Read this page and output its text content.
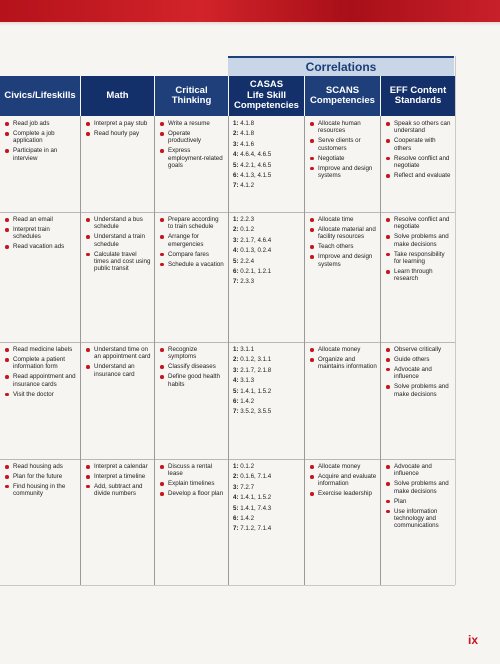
Correlations
Civics/Lifeskills	Math	Critical
Thinking
CASAS
Life Skill
Competencies
SCANS
Competencies
EFF Content
Standards
Read job ads
Complete a job application
Participate in an interview
Interpret a pay stub
Read hourly pay
Write a resume
Operate productively
Express employment-related goals
1: 4.1.8
2: 4.1.8
3: 4.1.6
4: 4.6.4, 4.6.5
5: 4.2.1, 4.6.5
6: 4.1.3, 4.1.5
7: 4.1.2
Allocate human resources
Serve clients or customers
Negotiate
Improve and design systems
Speak so others can understand
Cooperate with others
Resolve conflict and negotiate
Reflect and evaluate
Read an email
Interpret train schedules
Read vacation ads
Understand a bus schedule
Understand a train schedule
Calculate travel times and cost using public transit
Prepare according to train schedule
Arrange for emergencies
Compare fares
Schedule a vacation
1: 2.2.3
2: 0.1.2
3: 2.1.7, 4.6.4
4: 0.1.3, 0.2.4
5: 2.2.4
6: 0.2.1, 1.2.1
7: 2.3.3
Allocate time
Allocate material and facility resources
Teach others
Improve and design systems
Resolve conflict and negotiate
Solve problems and make decisions
Take responsibility for learning
Learn through research
Read medicine labels
Complete a patient information form
Read appointment and insurance cards
Visit the doctor
Understand time on an appointment card
Understand an insurance card
Recognize symptoms
Classify diseases
Define good health habits
1: 3.1.1
2: 0.1.2, 3.1.1
3: 2.1.7, 2.1.8
4: 3.1.3
5: 1.4.1, 1.5.2
6: 1.4.2
7: 3.5.2, 3.5.5
Allocate money
Organize and maintains information
Observe critically
Guide others
Advocate and influence
Solve problems and make decisions
Read housing ads
Plan for the future
Find housing in the community
Interpret a calendar
Interpret a timeline
Add, subtract and divide numbers
Discuss a rental lease
Explain timelines
Develop a floor plan
1: 0.1.2
2: 0.1.6, 7.1.4
3: 7.2.7
4: 1.4.1, 1.5.2
5: 1.4.1, 7.4.3
6: 1.4.2
7: 7.1.2, 7.1.4
Allocate money
Acquire and evaluate information
Exercise leadership
Advocate and influence
Solve problems and make decisions
Plan
Use information technology and communications
ix
